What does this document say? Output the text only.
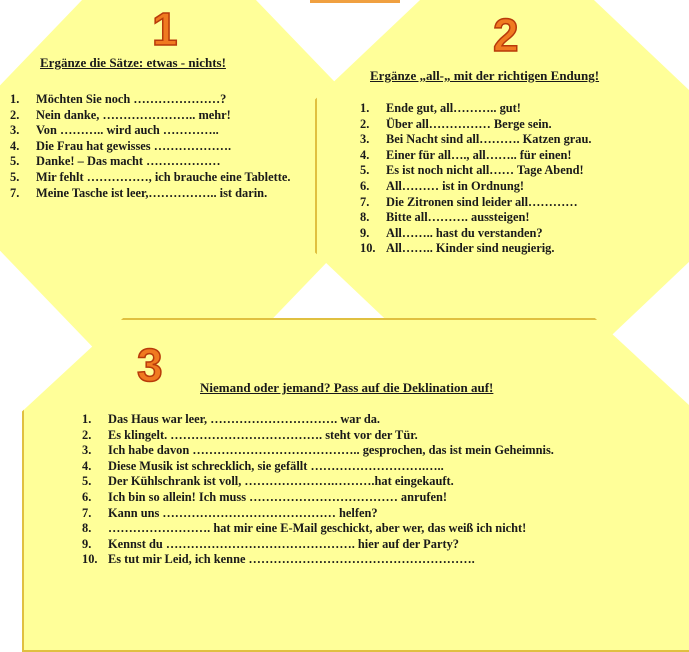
1
Ergänze die Sätze: etwas - nichts!
1. Möchten Sie noch …………………?
2. Nein danke, ………………….. mehr!
3. Von ……….. wird auch …………..
4. Die Frau hat gewisses ……………….
5. Danke! – Das macht ………………
5. Mir fehlt ……………, ich brauche eine Tablette.
7. Meine Tasche ist leer,…………….. ist darin.
2
Ergänze „all-„ mit der richtigen Endung!
1. Ende gut, all……….. gut!
2. Über all…………… Berge sein.
3. Bei Nacht sind all………. Katzen grau.
4. Einer für all…., all…….. für einen!
5. Es ist noch nicht all…… Tage Abend!
6. All……… ist in Ordnung!
7. Die Zitronen sind leider all…………
8. Bitte all………. aussteigen!
9. All…….. hast du verstanden?
10. All…….. Kinder sind neugierig.
3	Niemand oder jemand? Pass auf die Deklination auf!
1. Das Haus war leer, …………………………. war da.
2. Es klingelt. ………………………………. steht vor der Tür.
3. Ich habe davon ………………………………….. gesprochen, das ist mein Geheimnis.
4. Diese Musik ist schrecklich, sie gefällt ……………………….…..
5. Der Kühlschrank ist voll, ………………….……….hat eingekauft.
6. Ich bin so allein! Ich muss ……………………………… anrufen!
7. Kann uns …………………………………… helfen?
8. ……………………. hat mir eine E-Mail geschickt, aber wer, das weiß ich nicht!
9. Kennst du ………………………………………. hier auf der Party?
10. Es tut mir Leid, ich kenne ……………………………………………….
